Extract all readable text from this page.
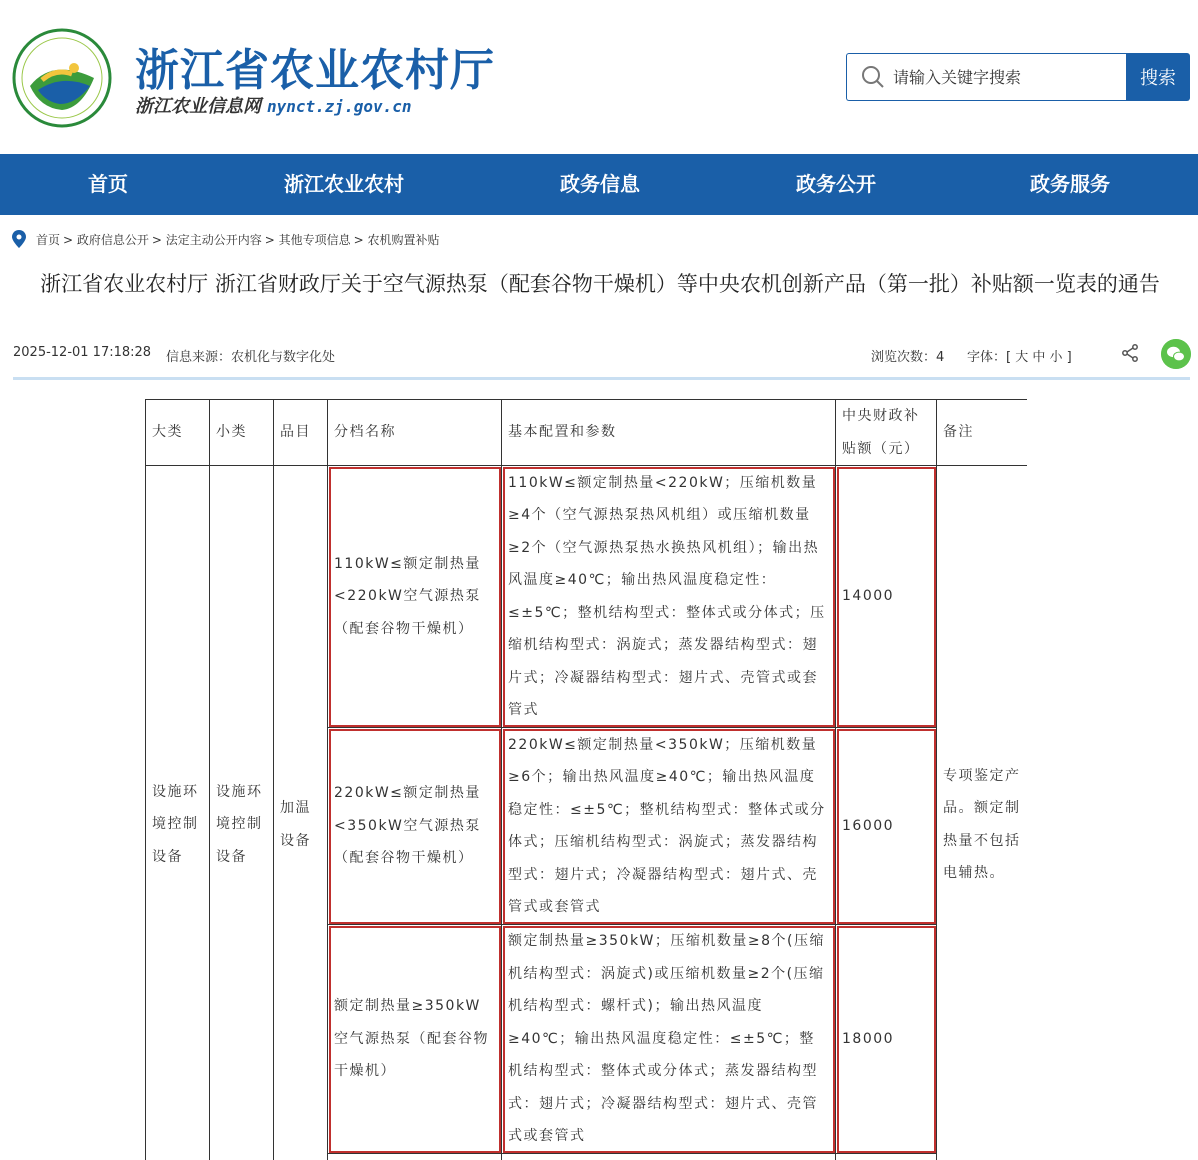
浙江省农业农村厅
浙江农业信息网 nynct.zj.gov.cn
请输入关键字搜索
搜索
首页	浙江农业农村	政务信息	政务公开	政务服务
首页 > 政府信息公开 > 法定主动公开内容 > 其他专项信息 > 农机购置补贴
浙江省农业农村厅 浙江省财政厅关于空气源热泵（配套谷物干燥机）等中央农机创新产品（第一批）补贴额一览表的通告
2025-12-01 17:18:28 信息来源：农机化与数字化处	浏览次数：4 字体：[ 大 中 小 ]
大类	小类	品目	分档名称	基本配置和参数	中央财政补贴额（元）	备注
设施环境控制设备	设施环境控制设备	加温设备	110kW≤额定制热量<220kW空气源热泵（配套谷物干燥机）	110kW≤额定制热量<220kW；压缩机数量≥4个（空气源热泵热风机组）或压缩机数量≥2个（空气源热泵热水换热风机组）；输出热风温度≥40℃；输出热风温度稳定性：≤±5℃；整机结构型式：整体式或分体式；压缩机结构型式：涡旋式；蒸发器结构型式：翅片式；冷凝器结构型式：翅片式、壳管式或套管式	14000	专项鉴定产品。额定制热量不包括电辅热。
			220kW≤额定制热量<350kW空气源热泵（配套谷物干燥机）	220kW≤额定制热量<350kW；压缩机数量≥6个；输出热风温度≥40℃；输出热风温度稳定性：≤±5℃；整机结构型式：整体式或分体式；压缩机结构型式：涡旋式；蒸发器结构型式：翅片式；冷凝器结构型式：翅片式、壳管式或套管式	16000	
			额定制热量≥350kW空气源热泵（配套谷物干燥机）	额定制热量≥350kW；压缩机数量≥8个(压缩机结构型式：涡旋式)或压缩机数量≥2个(压缩机结构型式：螺杆式)；输出热风温度≥40℃；输出热风温度稳定性：≤±5℃；整机结构型式：整体式或分体式；蒸发器结构型式：翅片式；冷凝器结构型式：翅片式、壳管式或套管式	18000	
